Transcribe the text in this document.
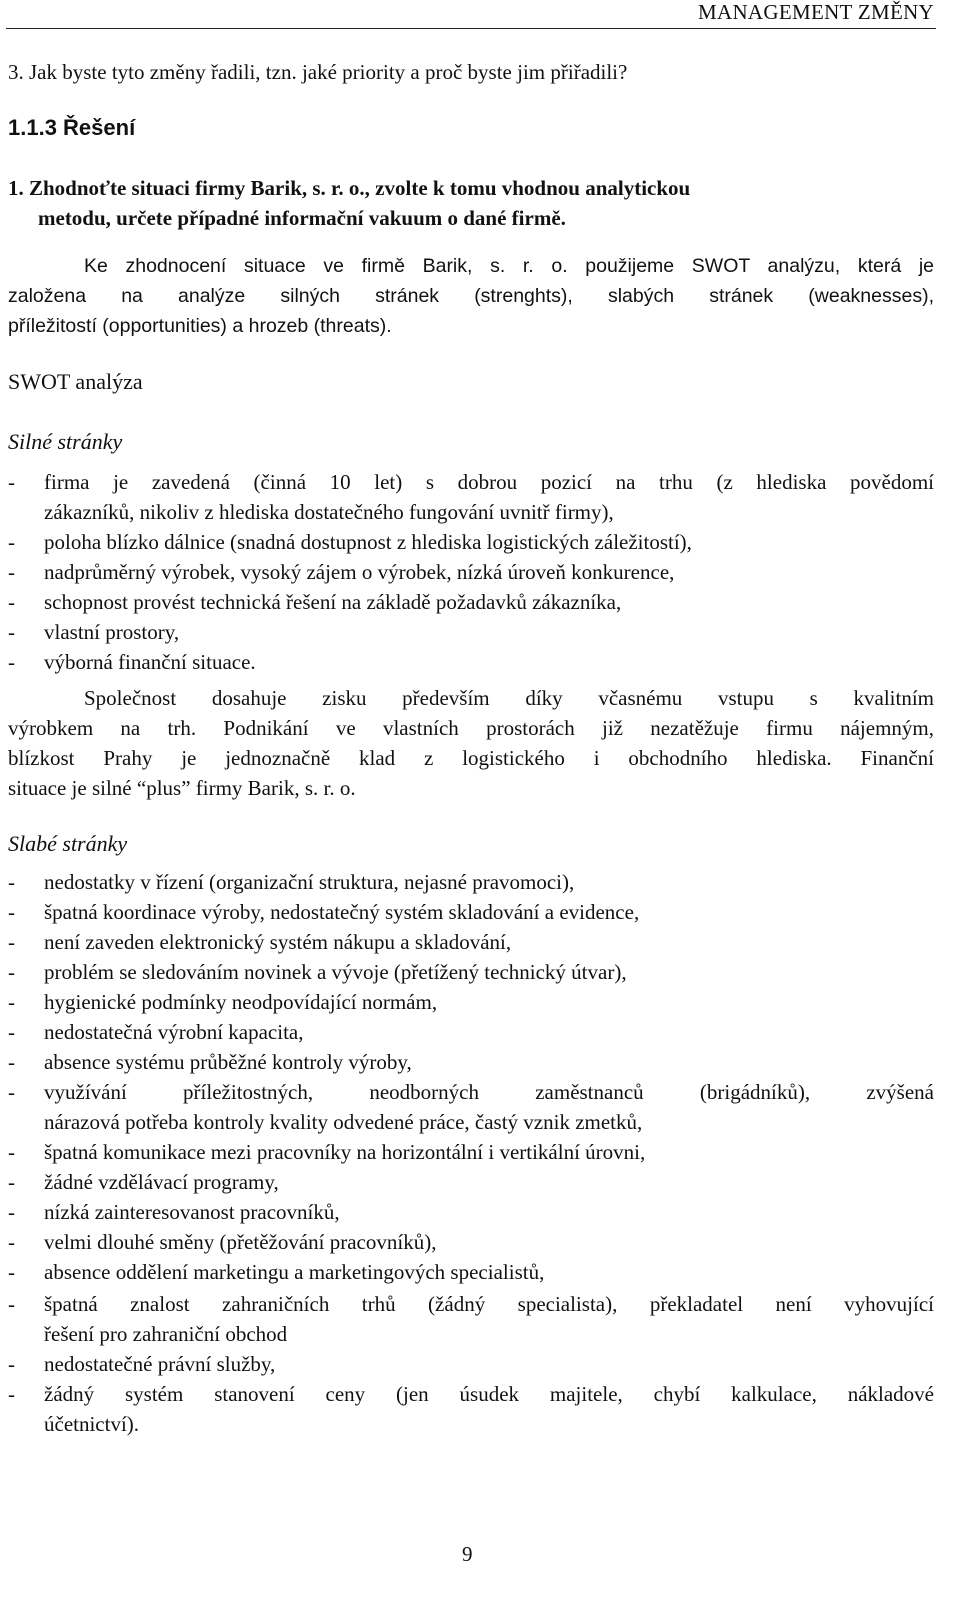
MANAGEMENT ZMĚNY
3. Jak byste tyto změny řadili, tzn. jaké priority a proč byste jim přiřadili?
1.1.3 Řešení
1. Zhodnoťte situaci firmy Barik, s. r. o., zvolte k tomu vhodnou analytickou
metodu, určete případné informační vakuum o dané firmě.
Ke zhodnocení situace ve firmě Barik, s. r. o. použijeme SWOT analýzu, která je
založena na analýze silných stránek (strenghts), slabých stránek (weaknesses),
příležitostí (opportunities) a hrozeb (threats).
SWOT analýza
Silné stránky
- firma je zavedená (činná 10 let) s dobrou pozicí na trhu (z hlediska povědomí
zákazníků, nikoliv z hlediska dostatečného fungování uvnitř firmy),
- poloha blízko dálnice (snadná dostupnost z hlediska logistických záležitostí),
- nadprůměrný výrobek, vysoký zájem o výrobek, nízká úroveň konkurence,
- schopnost provést technická řešení na základě požadavků zákazníka,
- vlastní prostory,
- výborná finanční situace.
Společnost dosahuje zisku především díky včasnému vstupu s kvalitním
výrobkem na trh. Podnikání ve vlastních prostorách již nezatěžuje firmu nájemným,
blízkost Prahy je jednoznačně klad z logistického i obchodního hlediska. Finanční
situace je silné “plus” firmy Barik, s. r. o.
Slabé stránky
- nedostatky v řízení (organizační struktura, nejasné pravomoci),
- špatná koordinace výroby, nedostatečný systém skladování a evidence,
- není zaveden elektronický systém nákupu a skladování,
- problém se sledováním novinek a vývoje (přetížený technický útvar),
- hygienické podmínky neodpovídající normám,
- nedostatečná výrobní kapacita,
- absence systému průběžné kontroly výroby,
- využívání příležitostných, neodborných zaměstnanců (brigádníků), zvýšená
nárazová potřeba kontroly kvality odvedené práce, častý vznik zmetků,
- špatná komunikace mezi pracovníky na horizontální i vertikální úrovni,
- žádné vzdělávací programy,
- nízká zainteresovanost pracovníků,
- velmi dlouhé směny (přetěžování pracovníků),
- absence oddělení marketingu a marketingových specialistů,
- špatná znalost zahraničních trhů (žádný specialista), překladatel není vyhovující
řešení pro zahraniční obchod
- nedostatečné právní služby,
- žádný systém stanovení ceny (jen úsudek majitele, chybí kalkulace, nákladové
účetnictví).
9
